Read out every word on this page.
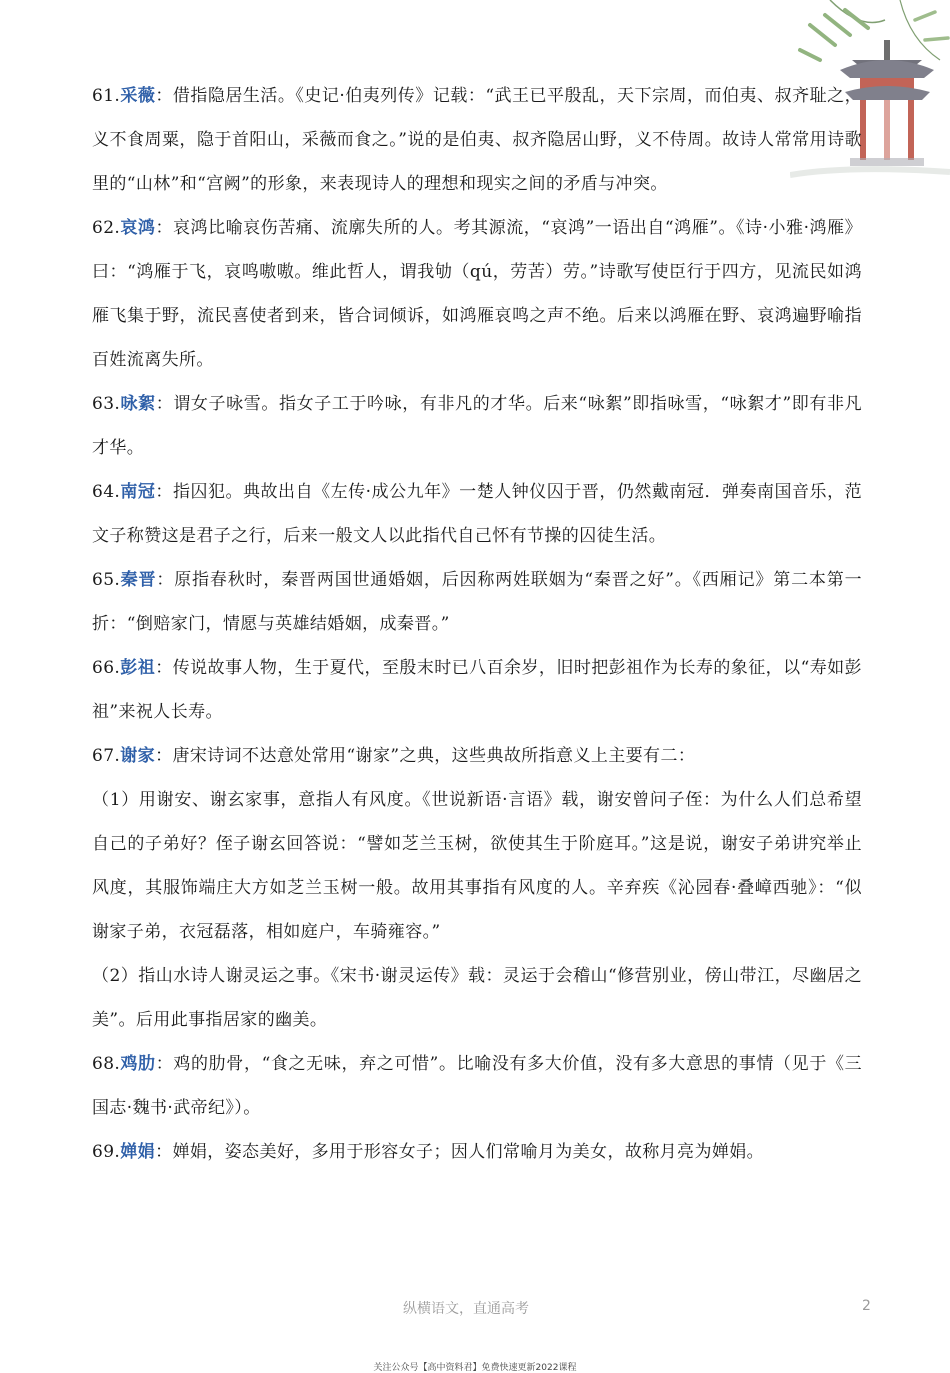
61.采薇：借指隐居生活。《史记·伯夷列传》记载：“武王已平殷乱，天下宗周，而伯夷、叔齐耻之，义不食周粟，隐于首阳山，采薇而食之。”说的是伯夷、叔齐隐居山野，义不侍周。故诗人常常用诗歌里的“山林”和“宫阙”的形象，来表现诗人的理想和现实之间的矛盾与冲突。

62.哀鸿：哀鸿比喻哀伤苦痛、流廓失所的人。考其源流，“哀鸿”一语出自“鸿雁”。《诗·小雅·鸿雁》曰：“鸿雁于飞，哀鸣嗷嗷。维此哲人，谓我劬（qú，劳苦）劳。”诗歌写使臣行于四方，见流民如鸿雁飞集于野，流民喜使者到来，皆合词倾诉，如鸿雁哀鸣之声不绝。后来以鸿雁在野、哀鸿遍野喻指百姓流离失所。

63.咏絮：谓女子咏雪。指女子工于吟咏，有非凡的才华。后来“咏絮”即指咏雪，“咏絮才”即有非凡才华。

64.南冠：指囚犯。典故出自《左传·成公九年》一楚人钟仪囚于晋，仍然戴南冠．弹奏南国音乐，范文子称赞这是君子之行，后来一般文人以此指代自己怀有节操的囚徒生活。

65.秦晋：原指春秋时，秦晋两国世通婚姻，后因称两姓联姻为“秦晋之好”。《西厢记》第二本第一折：“倒赔家门，情愿与英雄结婚姻，成秦晋。”

66.彭祖：传说故事人物，生于夏代，至殷末时已八百余岁，旧时把彭祖作为长寿的象征，以“寿如彭祖”来祝人长寿。

67.谢家：唐宋诗词不达意处常用“谢家”之典，这些典故所指意义上主要有二：

（1）用谢安、谢玄家事，意指人有风度。《世说新语·言语》载，谢安曾问子侄：为什么人们总希望自己的子弟好？侄子谢玄回答说：“譬如芝兰玉树，欲使其生于阶庭耳。”这是说，谢安子弟讲究举止风度，其服饰端庄大方如芝兰玉树一般。故用其事指有风度的人。辛弃疾《沁园春·叠嶂西驰》：“似谢家子弟，衣冠磊落，相如庭户，车骑雍容。”

（2）指山水诗人谢灵运之事。《宋书·谢灵运传》载：灵运于会稽山“修营别业，傍山带江，尽幽居之美”。后用此事指居家的幽美。

68.鸡肋：鸡的肋骨，“食之无味，弃之可惜”。比喻没有多大价值，没有多大意思的事情（见于《三国志·魏书·武帝纪》）。

69.婵娟：婵娟，姿态美好，多用于形容女子；因人们常喻月为美女，故称月亮为婵娟。

纵横语文，直通高考	2
关注公众号【高中资料君】免费快速更新2022课程
